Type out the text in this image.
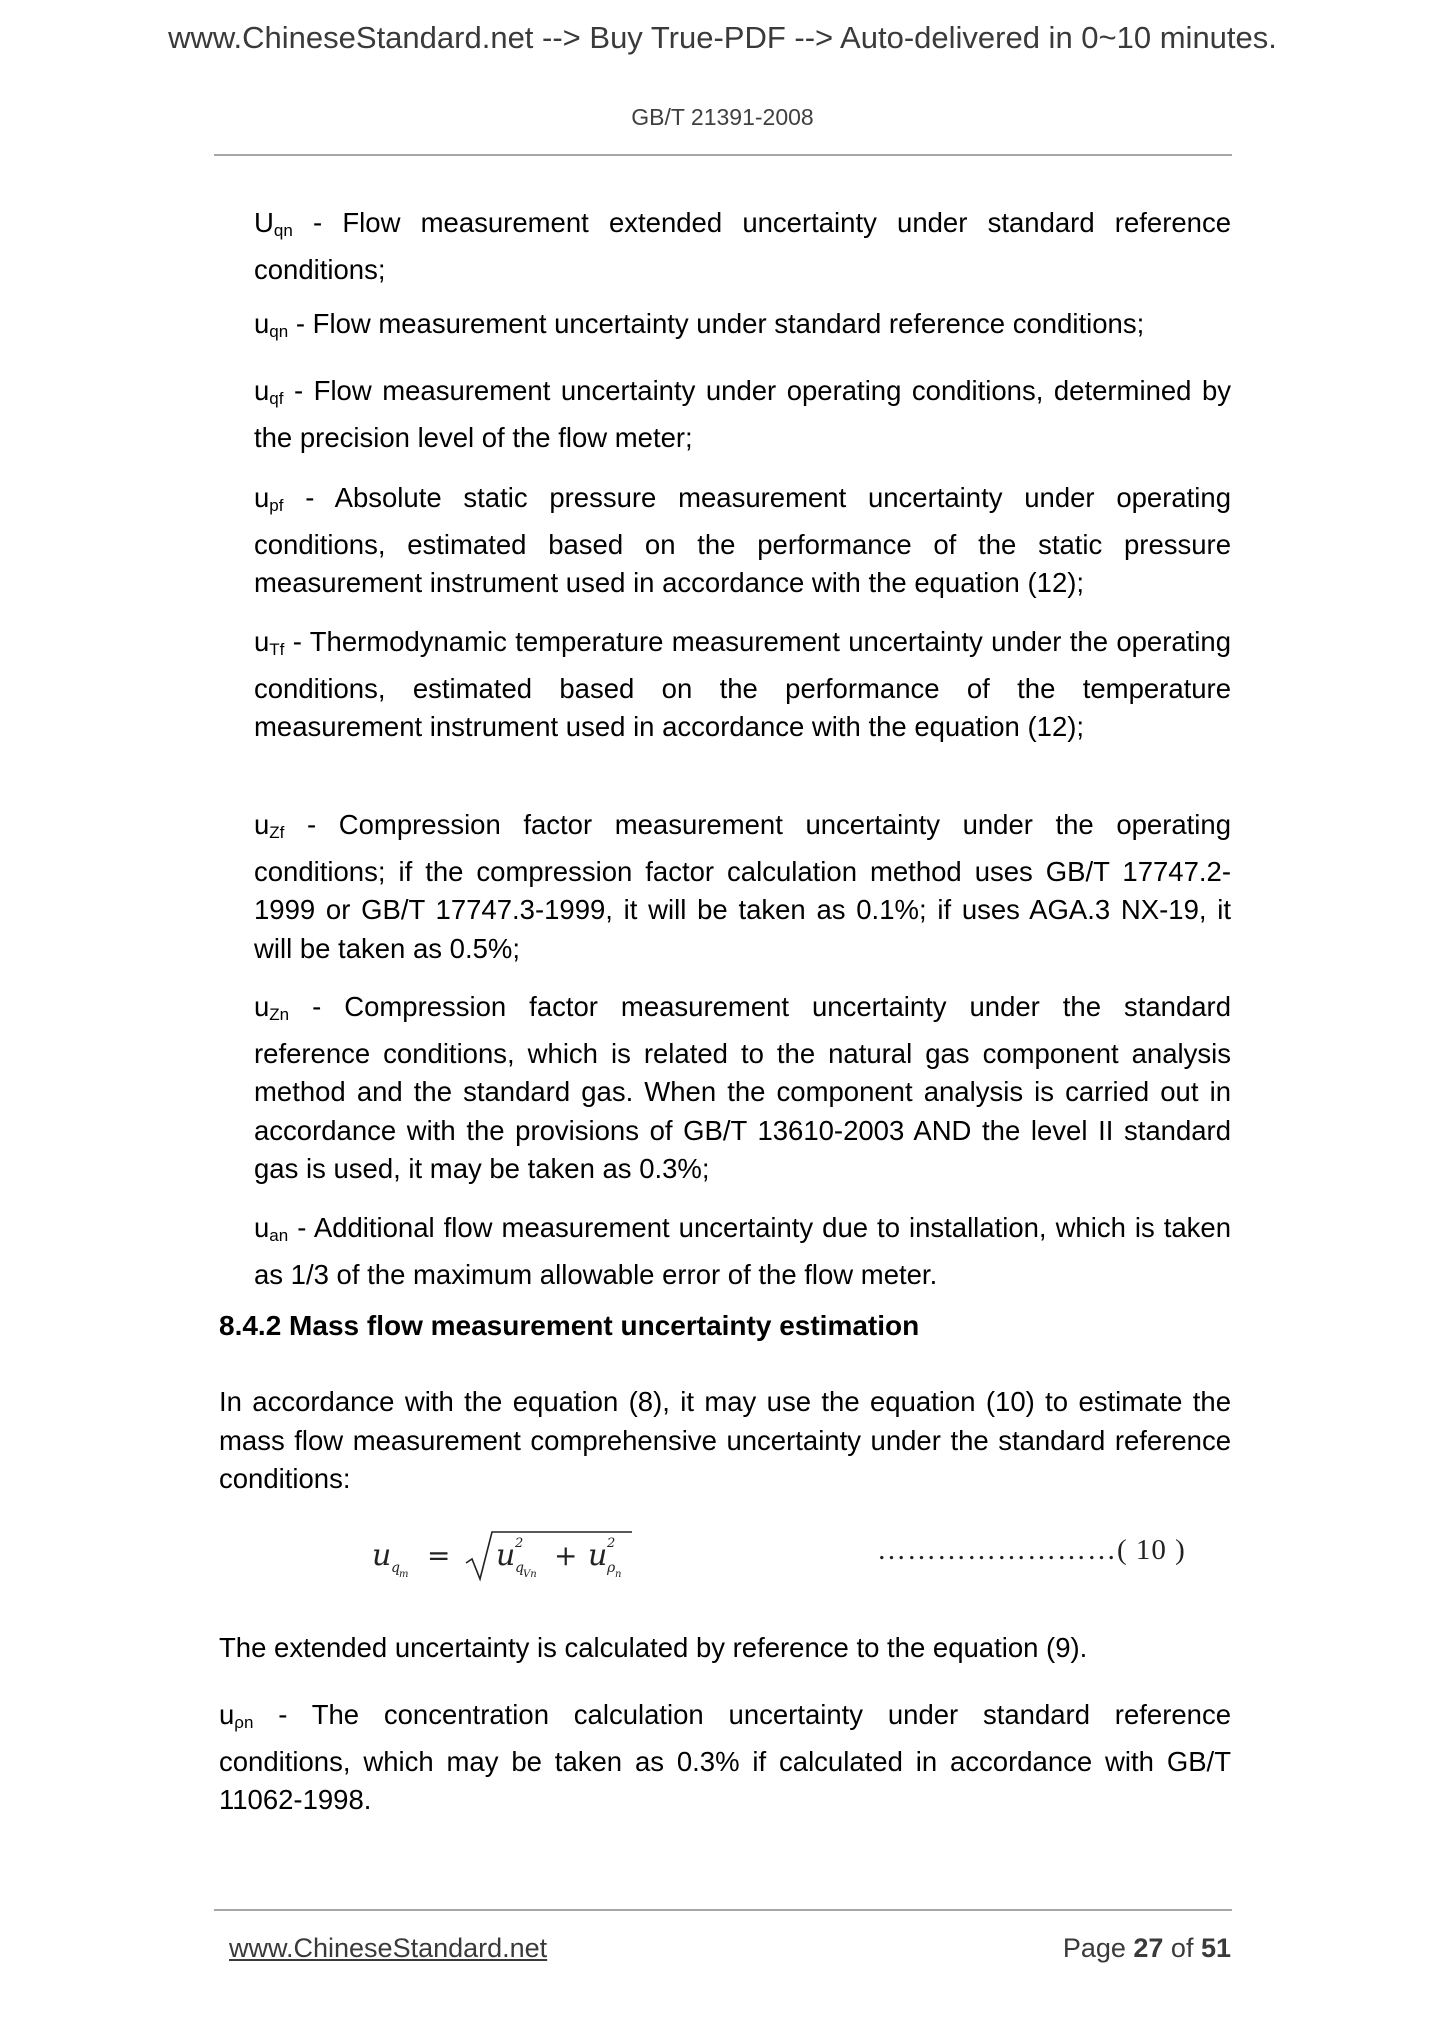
www.ChineseStandard.net --> Buy True-PDF --> Auto-delivered in 0~10 minutes.
GB/T 21391-2008
$U_{qn}$ - Flow measurement extended uncertainty under standard reference conditions;
$u_{qn}$ - Flow measurement uncertainty under standard reference conditions;
$u_{qf}$ - Flow measurement uncertainty under operating conditions, determined by the precision level of the flow meter;
$u_{pf}$ - Absolute static pressure measurement uncertainty under operating conditions, estimated based on the performance of the static pressure measurement instrument used in accordance with the equation (12);
$u_{Tf}$ - Thermodynamic temperature measurement uncertainty under the operating conditions, estimated based on the performance of the temperature measurement instrument used in accordance with the equation (12);
$u_{Zf}$ - Compression factor measurement uncertainty under the operating conditions; if the compression factor calculation method uses GB/T 17747.2-1999 or GB/T 17747.3-1999, it will be taken as 0.1%; if uses AGA.3 NX-19, it will be taken as 0.5%;
$u_{Zn}$ - Compression factor measurement uncertainty under the standard reference conditions, which is related to the natural gas component analysis method and the standard gas. When the component analysis is carried out in accordance with the provisions of GB/T 13610-2003 AND the level II standard gas is used, it may be taken as 0.3%;
$u_{an}$ - Additional flow measurement uncertainty due to installation, which is taken as 1/3 of the maximum allowable error of the flow meter.
8.4.2 Mass flow measurement uncertainty estimation
In accordance with the equation (8), it may use the equation (10) to estimate the mass flow measurement comprehensive uncertainty under the standard reference conditions:
u q m
= u 2
q Vn
+ u 2
ρ n
……………………( 10 )
The extended uncertainty is calculated by reference to the equation (9).
$u_{\rho n}$ - The concentration calculation uncertainty under standard reference conditions, which may be taken as 0.3% if calculated in accordance with GB/T 11062-1998.
www.ChineseStandard.net	Page 27 of 51
